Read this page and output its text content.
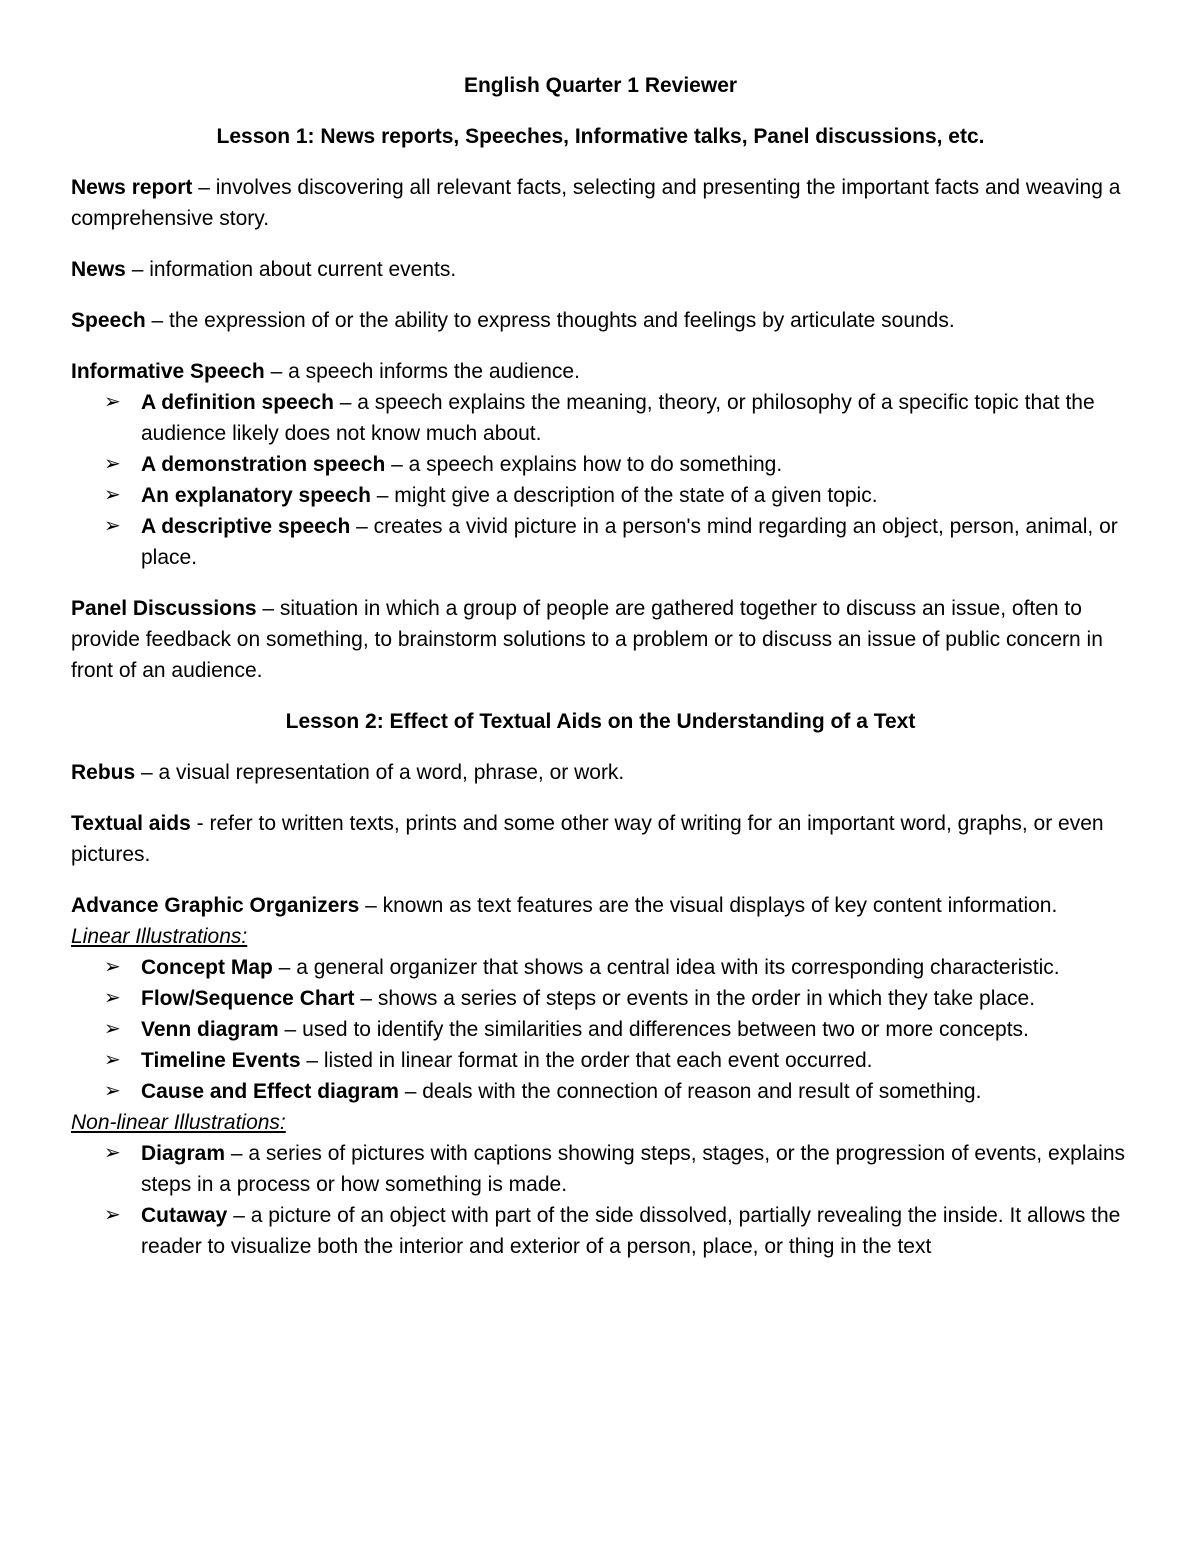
English Quarter 1 Reviewer

Lesson 1: News reports, Speeches, Informative talks, Panel discussions, etc.

News report – involves discovering all relevant facts, selecting and presenting the important facts and weaving a comprehensive story.

News – information about current events.

Speech – the expression of or the ability to express thoughts and feelings by articulate sounds.

Informative Speech – a speech informs the audience.

➢ A definition speech – a speech explains the meaning, theory, or philosophy of a specific topic that the audience likely does not know much about.
➢ A demonstration speech – a speech explains how to do something.
➢ An explanatory speech – might give a description of the state of a given topic.
➢ A descriptive speech – creates a vivid picture in a person's mind regarding an object, person, animal, or place.

Panel Discussions – situation in which a group of people are gathered together to discuss an issue, often to provide feedback on something, to brainstorm solutions to a problem or to discuss an issue of public concern in front of an audience.

Lesson 2: Effect of Textual Aids on the Understanding of a Text

Rebus – a visual representation of a word, phrase, or work.

Textual aids - refer to written texts, prints and some other way of writing for an important word, graphs, or even pictures.

Advance Graphic Organizers – known as text features are the visual displays of key content information.

Linear Illustrations:

➢ Concept Map – a general organizer that shows a central idea with its corresponding characteristic.
➢ Flow/Sequence Chart – shows a series of steps or events in the order in which they take place.
➢ Venn diagram – used to identify the similarities and differences between two or more concepts.
➢ Timeline Events – listed in linear format in the order that each event occurred.
➢ Cause and Effect diagram – deals with the connection of reason and result of something.

Non-linear Illustrations:

➢ Diagram – a series of pictures with captions showing steps, stages, or the progression of events, explains steps in a process or how something is made.
➢ Cutaway – a picture of an object with part of the side dissolved, partially revealing the inside. It allows the reader to visualize both the interior and exterior of a person, place, or thing in the text
